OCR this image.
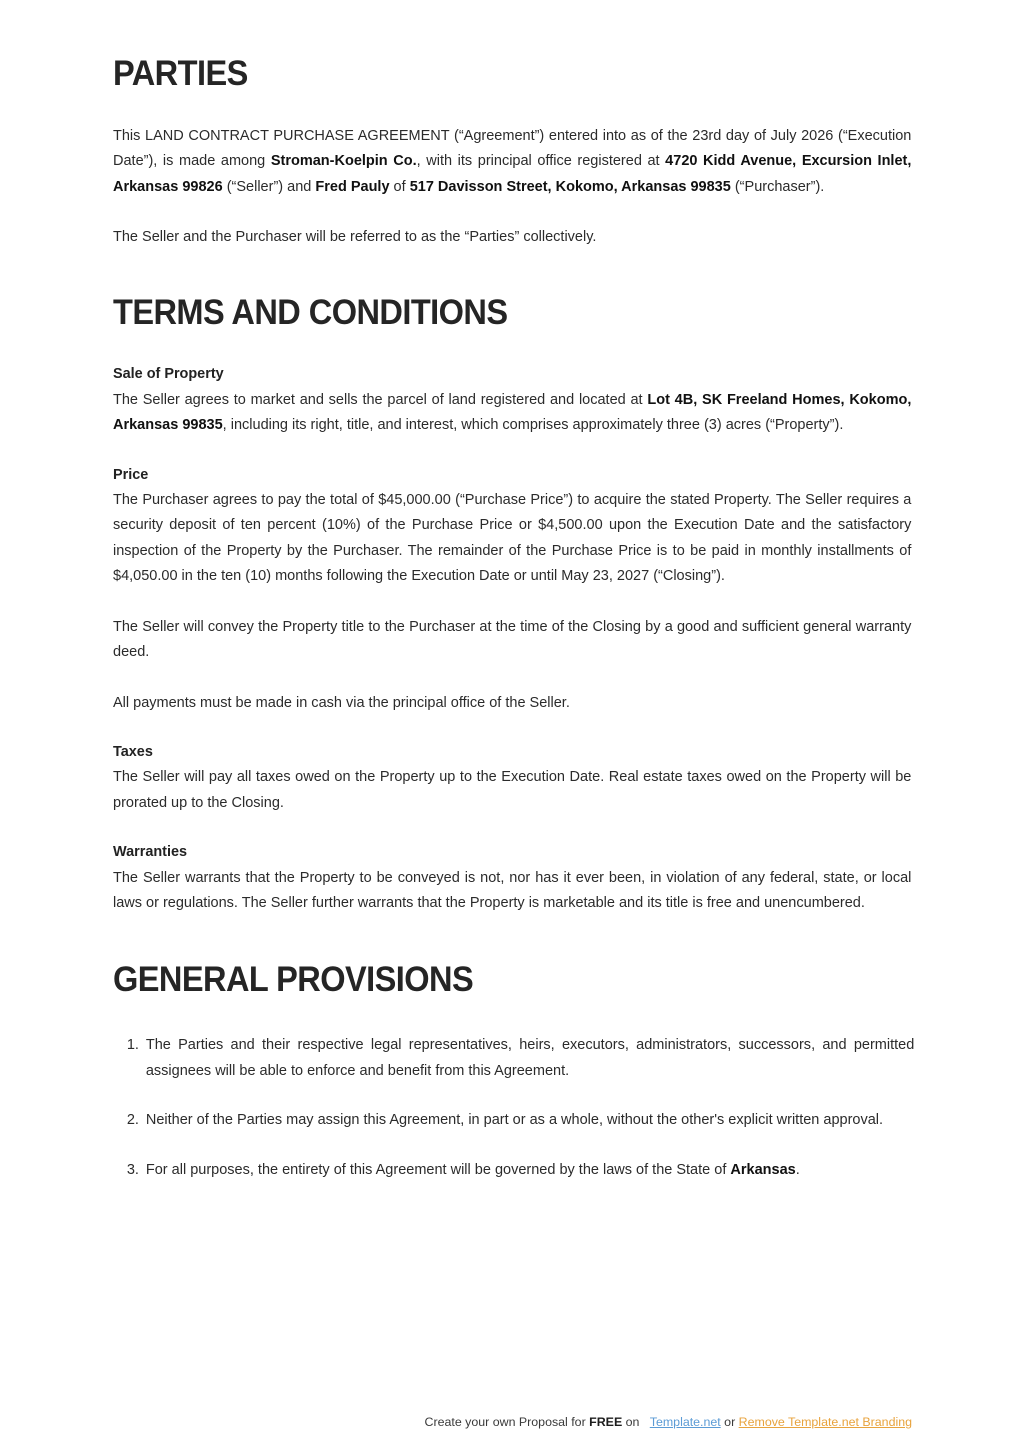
PARTIES

This LAND CONTRACT PURCHASE AGREEMENT (“Agreement”) entered into as of the 23rd day of July 2026 (“Execution Date”), is made among Stroman-Koelpin Co., with its principal office registered at 4720 Kidd Avenue, Excursion Inlet, Arkansas 99826 (“Seller”) and Fred Pauly of 517 Davisson Street, Kokomo, Arkansas 99835 (“Purchaser”).

The Seller and the Purchaser will be referred to as the “Parties” collectively.

TERMS AND CONDITIONS
Sale of Property

The Seller agrees to market and sells the parcel of land registered and located at Lot 4B, SK Freeland Homes, Kokomo, Arkansas 99835, including its right, title, and interest, which comprises approximately three (3) acres (“Property”).

Price

The Purchaser agrees to pay the total of $45,000.00 (“Purchase Price”) to acquire the stated Property. The Seller requires a security deposit of ten percent (10%) of the Purchase Price or $4,500.00 upon the Execution Date and the satisfactory inspection of the Property by the Purchaser. The remainder of the Purchase Price is to be paid in monthly installments of $4,050.00 in the ten (10) months following the Execution Date or until May 23, 2027 (“Closing”).

The Seller will convey the Property title to the Purchaser at the time of the Closing by a good and sufficient general warranty deed.

All payments must be made in cash via the principal office of the Seller.

Taxes

The Seller will pay all taxes owed on the Property up to the Execution Date. Real estate taxes owed on the Property will be prorated up to the Closing.

Warranties

The Seller warrants that the Property to be conveyed is not, nor has it ever been, in violation of any federal, state, or local laws or regulations. The Seller further warrants that the Property is marketable and its title is free and unencumbered.

GENERAL PROVISIONS
1. The Parties and their respective legal representatives, heirs, executors, administrators, successors, and permitted assignees will be able to enforce and benefit from this Agreement.
2. Neither of the Parties may assign this Agreement, in part or as a whole, without the other's explicit written approval.
3. For all purposes, the entirety of this Agreement will be governed by the laws of the State of Arkansas.
Create your own Proposal for FREE on Template.net or Remove Template.net Branding
